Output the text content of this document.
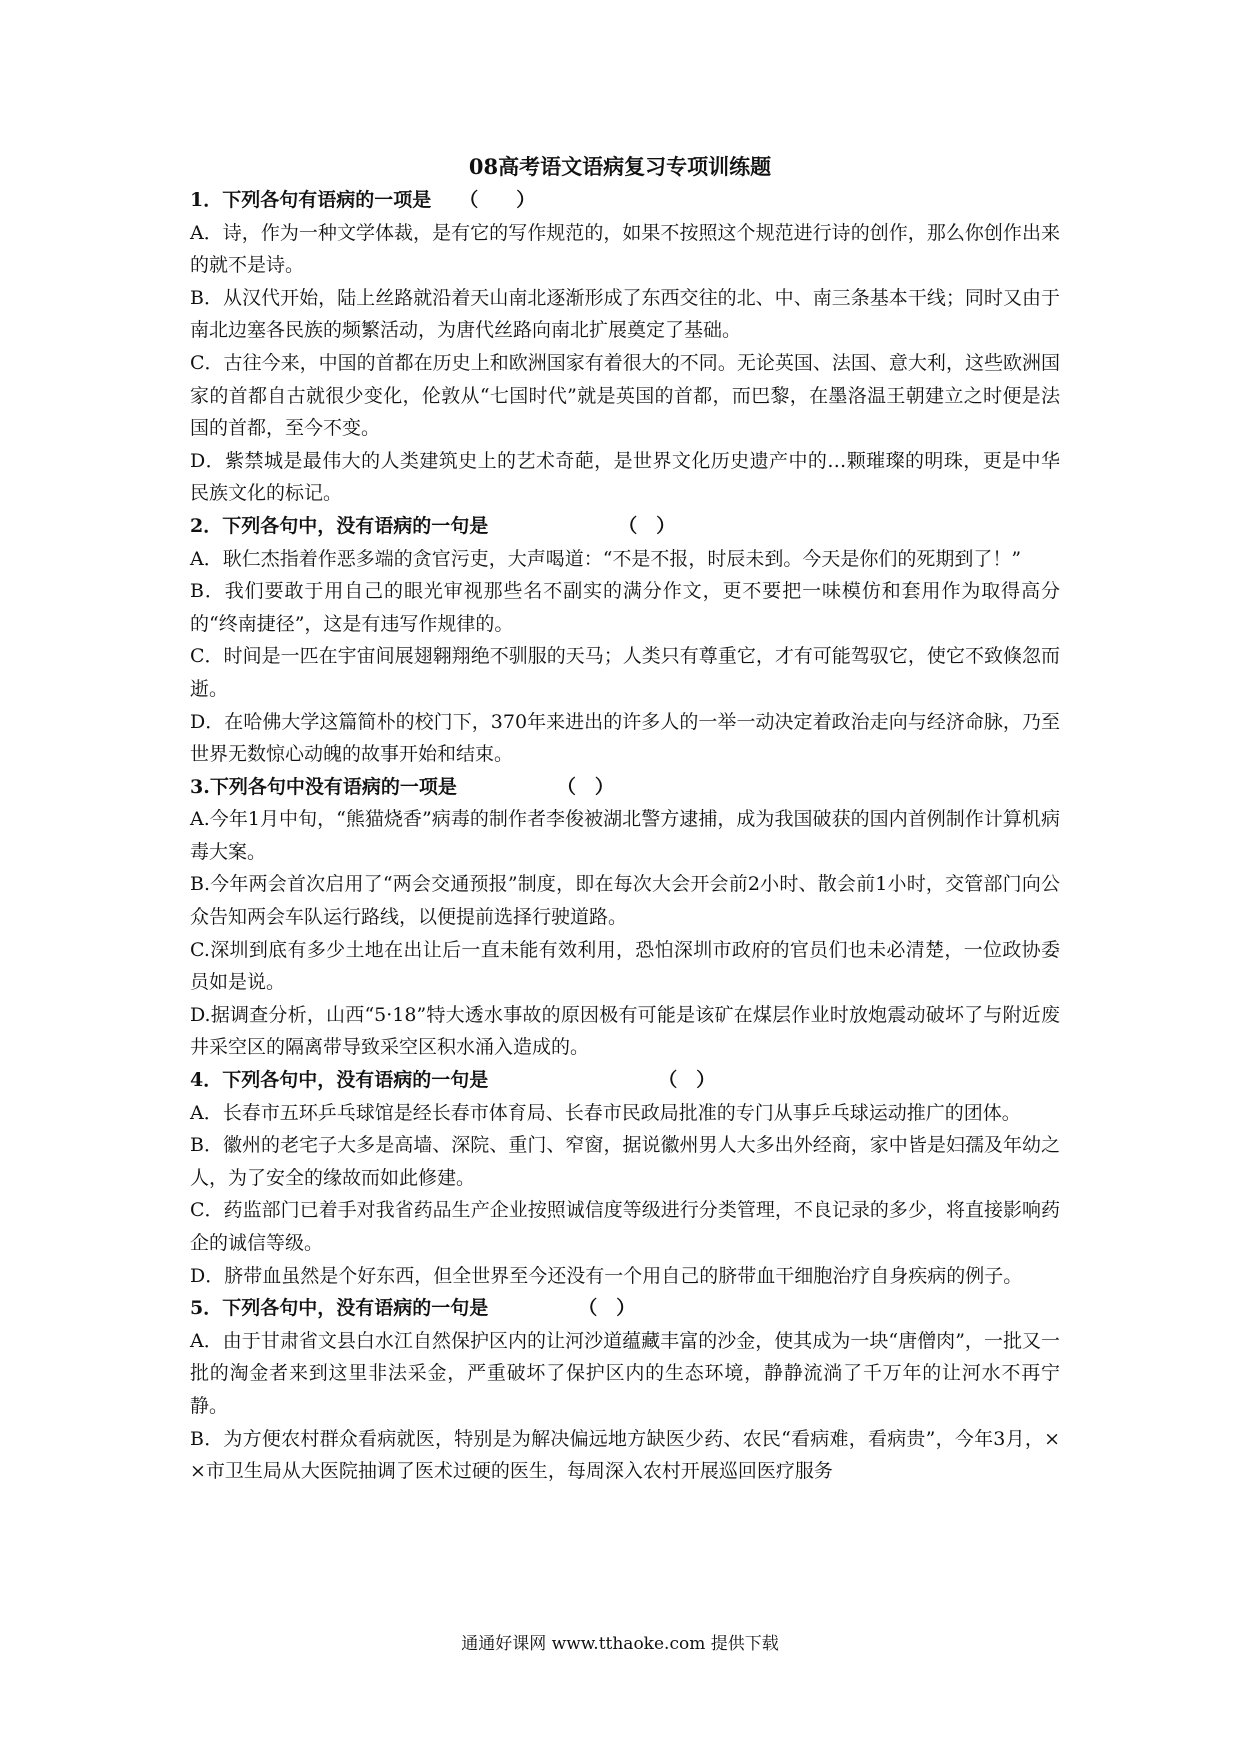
08高考语文语病复习专项训练题
1．下列各句有语病的一项是 （　　）
A．诗，作为一种文学体裁，是有它的写作规范的，如果不按照这个规范进行诗的创作，那么你创作出来的就不是诗。
B．从汉代开始，陆上丝路就沿着天山南北逐渐形成了东西交往的北、中、南三条基本干线；同时又由于南北边塞各民族的频繁活动，为唐代丝路向南北扩展奠定了基础。
C．古往今来，中国的首都在历史上和欧洲国家有着很大的不同。无论英国、法国、意大利，这些欧洲国家的首都自古就很少变化，伦敦从“七国时代”就是英国的首都，而巴黎，在墨洛温王朝建立之时便是法国的首都，至今不变。
D．紫禁城是最伟大的人类建筑史上的艺术奇葩，是世界文化历史遗产中的…颗璀璨的明珠，更是中华民族文化的标记。
2．下列各句中，没有语病的一句是	（　）
A．耿仁杰指着作恶多端的贪官污吏，大声喝道：“不是不报，时辰未到。今天是你们的死期到了！”
B．我们要敢于用自己的眼光审视那些名不副实的满分作文，更不要把一味模仿和套用作为取得高分的“终南捷径”，这是有违写作规律的。
C．时间是一匹在宇宙间展翅翱翔绝不驯服的天马；人类只有尊重它，才有可能驾驭它，使它不致倏忽而逝。
D．在哈佛大学这篇简朴的校门下，370年来进出的许多人的一举一动决定着政治走向与经济命脉，乃至世界无数惊心动魄的故事开始和结束。
3.下列各句中没有语病的一项是	（　）
A.今年1月中旬，“熊猫烧香”病毒的制作者李俊被湖北警方逮捕，成为我国破获的国内首例制作计算机病毒大案。
B.今年两会首次启用了“两会交通预报”制度，即在每次大会开会前2小时、散会前1小时，交管部门向公众告知两会车队运行路线，以便提前选择行驶道路。
C.深圳到底有多少土地在出让后一直未能有效利用，恐怕深圳市政府的官员们也未必清楚，一位政协委员如是说。
D.据调查分析，山西“5·18”特大透水事故的原因极有可能是该矿在煤层作业时放炮震动破坏了与附近废井采空区的隔离带导致采空区积水涌入造成的。
4．下列各句中，没有语病的一句是	（　）
A．长春市五环乒乓球馆是经长春市体育局、长春市民政局批准的专门从事乒乓球运动推广的团体。
B．徽州的老宅子大多是高墙、深院、重门、窄窗，据说徽州男人大多出外经商，家中皆是妇孺及年幼之人，为了安全的缘故而如此修建。
C．药监部门已着手对我省药品生产企业按照诚信度等级进行分类管理，不良记录的多少，将直接影响药企的诚信等级。
D．脐带血虽然是个好东西，但全世界至今还没有一个用自己的脐带血干细胞治疗自身疾病的例子。
5．下列各句中，没有语病的一句是	（　）
A．由于甘肃省文县白水江自然保护区内的让河沙道蕴藏丰富的沙金，使其成为一块“唐僧肉”，一批又一批的淘金者来到这里非法采金，严重破坏了保护区内的生态环境，静静流淌了千万年的让河水不再宁静。
B．为方便农村群众看病就医，特别是为解决偏远地方缺医少药、农民“看病难，看病贵”，今年3月，××市卫生局从大医院抽调了医术过硬的医生，每周深入农村开展巡回医疗服务
通通好课网 www.tthaoke.com 提供下载
